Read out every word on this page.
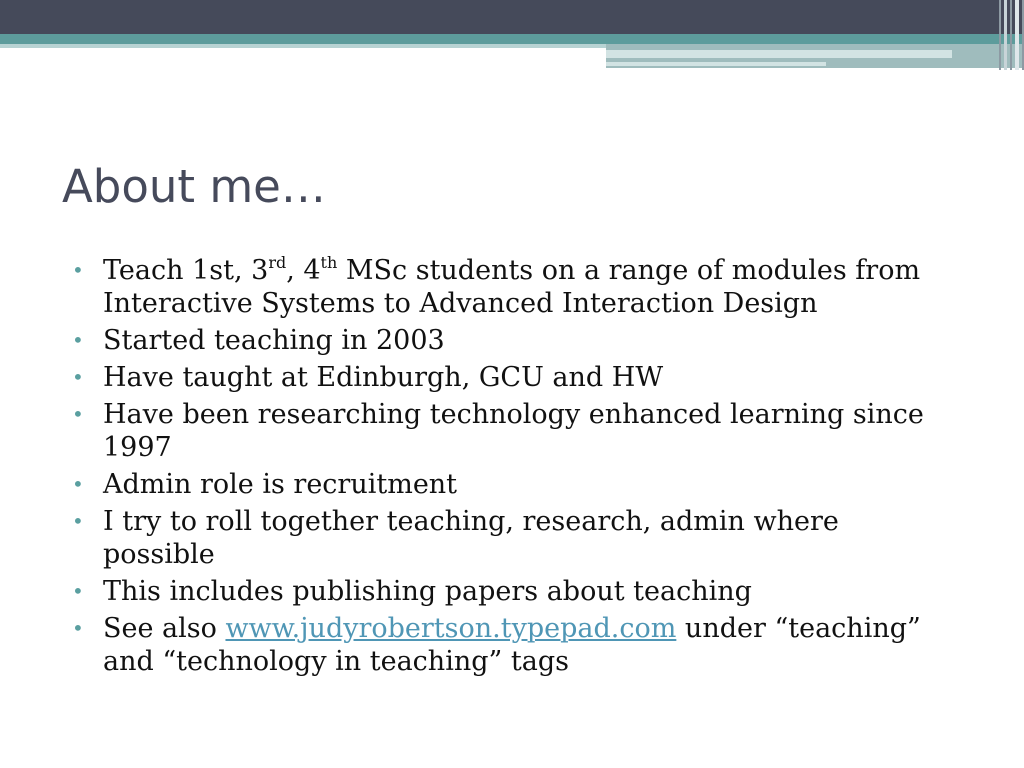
About me…
• Teach 1st, 3rd, 4th MSc students on a range of modules from Interactive Systems to Advanced Interaction Design
• Started teaching in 2003
• Have taught at Edinburgh, GCU and HW
• Have been researching technology enhanced learning since 1997
• Admin role is recruitment
• I try to roll together teaching, research, admin where possible
• This includes publishing papers about teaching
• See also www.judyrobertson.typepad.com under “teaching” and “technology in teaching” tags
